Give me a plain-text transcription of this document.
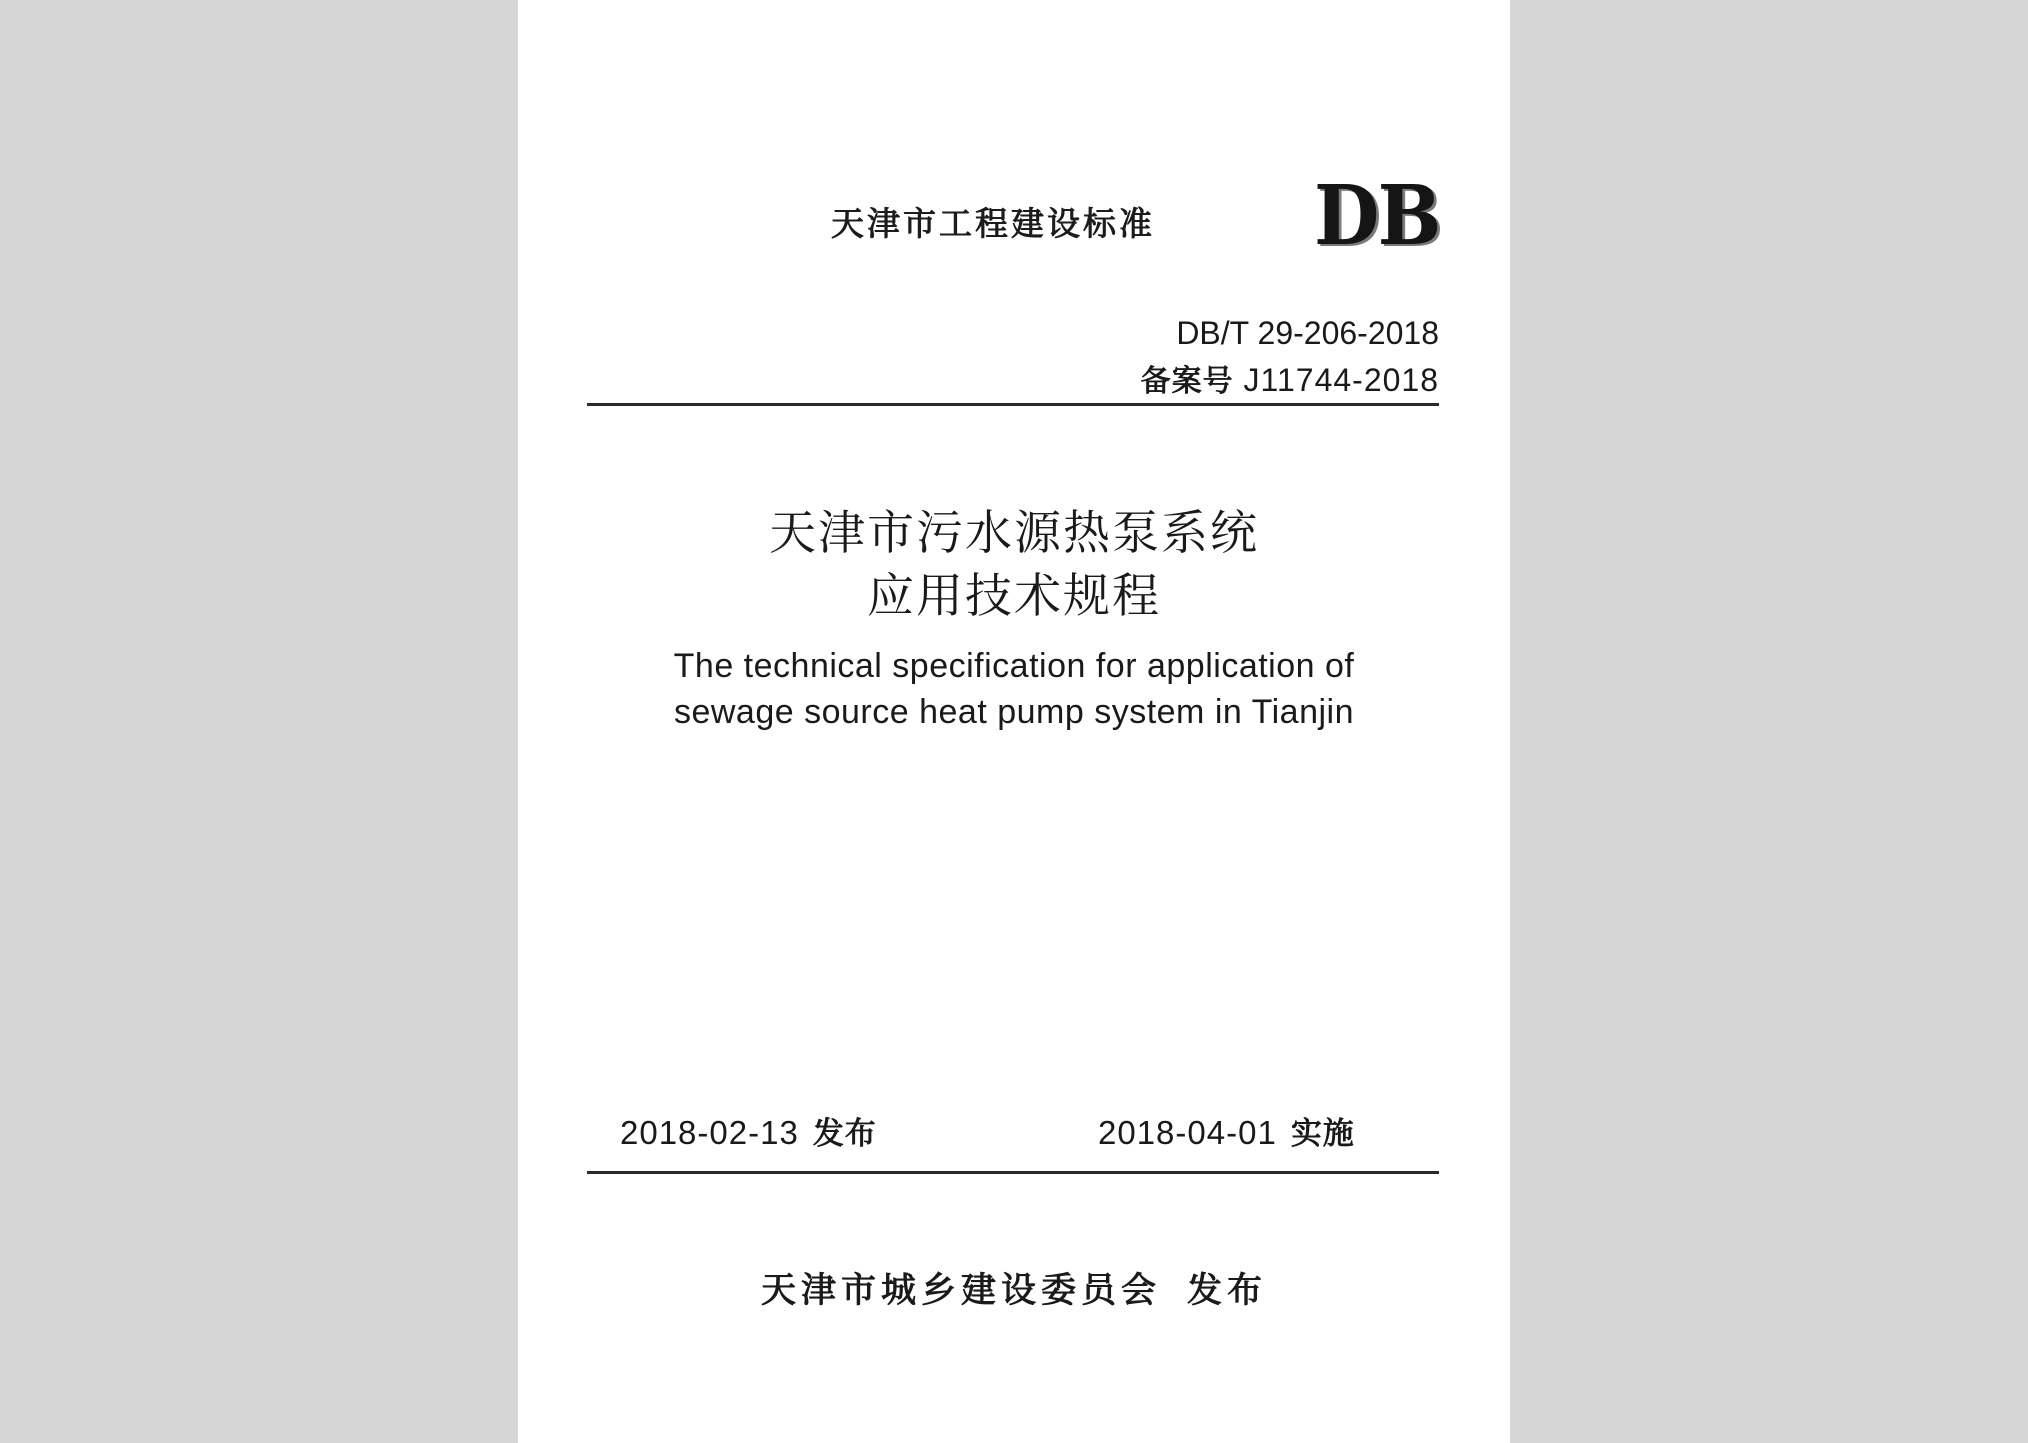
天津市工程建设标准 DB
DB/T 29-206-2018
备案号 J11744-2018
天津市污水源热泵系统
应用技术规程
The technical specification for application of
sewage source heat pump system in Tianjin
2018-02-13 发布	2018-04-01 实施
天津市城乡建设委员会 发布
